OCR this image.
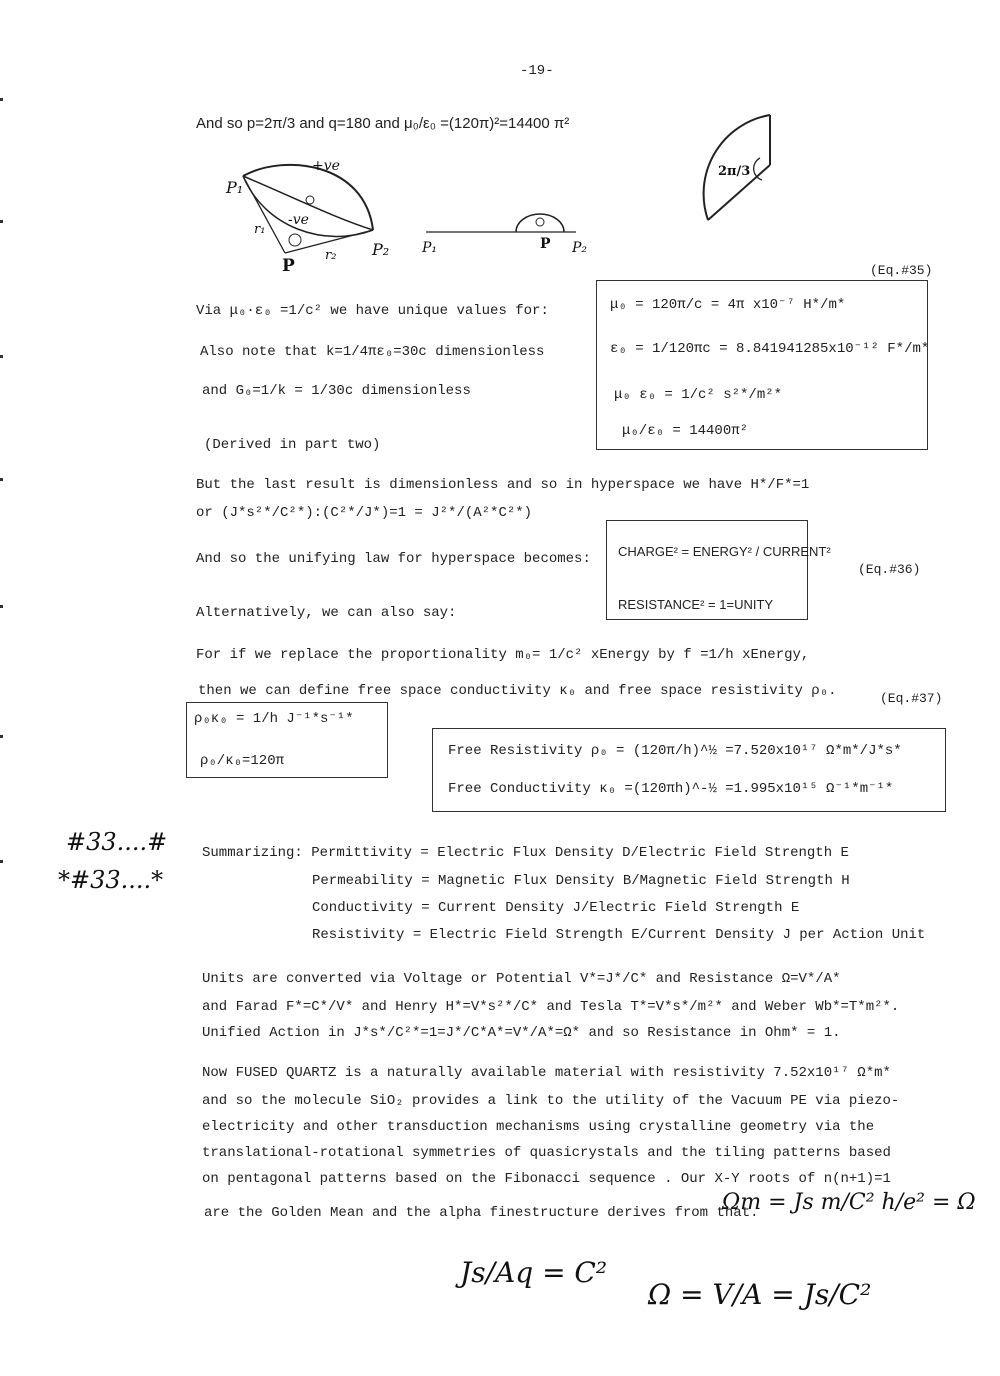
-19-
And so p=2π/3 and q=180 and μ₀/ε₀ =(120π)²=14400 π²
P₁
+ve
-ve
r₁
r₂ P₂
P
P₁	P P₂
2π/3
(Eq.#35)
Via μ₀·ε₀ =1/c² we have unique values for:
Also note that k=1/4πε₀=30c dimensionless
and G₀=1/k = 1/30c dimensionless
(Derived in part two)
μ₀ = 120π/c = 4π x10⁻⁷ H*/m*
ε₀ = 1/120πc = 8.841941285x10⁻¹² F*/m*
μ₀ ε₀ = 1/c² s²*/m²*
μ₀/ε₀ = 14400π²
But the last result is dimensionless and so in hyperspace we have H*/F*=1
or (J*s²*/C²*):(C²*/J*)=1 = J²*/(A²*C²*)
And so the unifying law for hyperspace becomes: CHARGE² = ENERGY² / CURRENT²
RESISTANCE² = 1=UNITY
(Eq.#36)
Alternatively, we can also say:
For if we replace the proportionality m₀= 1/c² xEnergy by f =1/h xEnergy,
then we can define free space conductivity κ₀ and free space resistivity ρ₀.	(Eq.#37)
ρ₀κ₀ = 1/h J⁻¹*s⁻¹*
ρ₀/κ₀=120π
Free Resistivity ρ₀ = (120π/h)^½ =7.520x10¹⁷ Ω*m*/J*s*
Free Conductivity κ₀ =(120πh)^-½ =1.995x10¹⁵ Ω⁻¹*m⁻¹*
#33....#
*#33....*
Summarizing: Permittivity = Electric Flux Density D/Electric Field Strength E
Permeability = Magnetic Flux Density B/Magnetic Field Strength H
Conductivity = Current Density J/Electric Field Strength E
Resistivity = Electric Field Strength E/Current Density J per Action Unit
Units are converted via Voltage or Potential V*=J*/C* and Resistance Ω=V*/A*
and Farad F*=C*/V* and Henry H*=V*s²*/C* and Tesla T*=V*s*/m²* and Weber Wb*=T*m²*.
Unified Action in J*s*/C²*=1=J*/C*A*=V*/A*=Ω* and so Resistance in Ohm* = 1.
Now FUSED QUARTZ is a naturally available material with resistivity 7.52x10¹⁷ Ω*m*
and so the molecule SiO₂ provides a link to the utility of the Vacuum PE via piezo-
electricity and other transduction mechanisms using crystalline geometry via the
translational-rotational symmetries of quasicrystals and the tiling patterns based
on pentagonal patterns based on the Fibonacci sequence . Our X-Y roots of n(n+1)=1
are the Golden Mean and the alpha finestructure derives from that.
Ωm = Js m/C² h/e² = Ω
Js/Aq = C²
Ω = V/A = Js/C²
